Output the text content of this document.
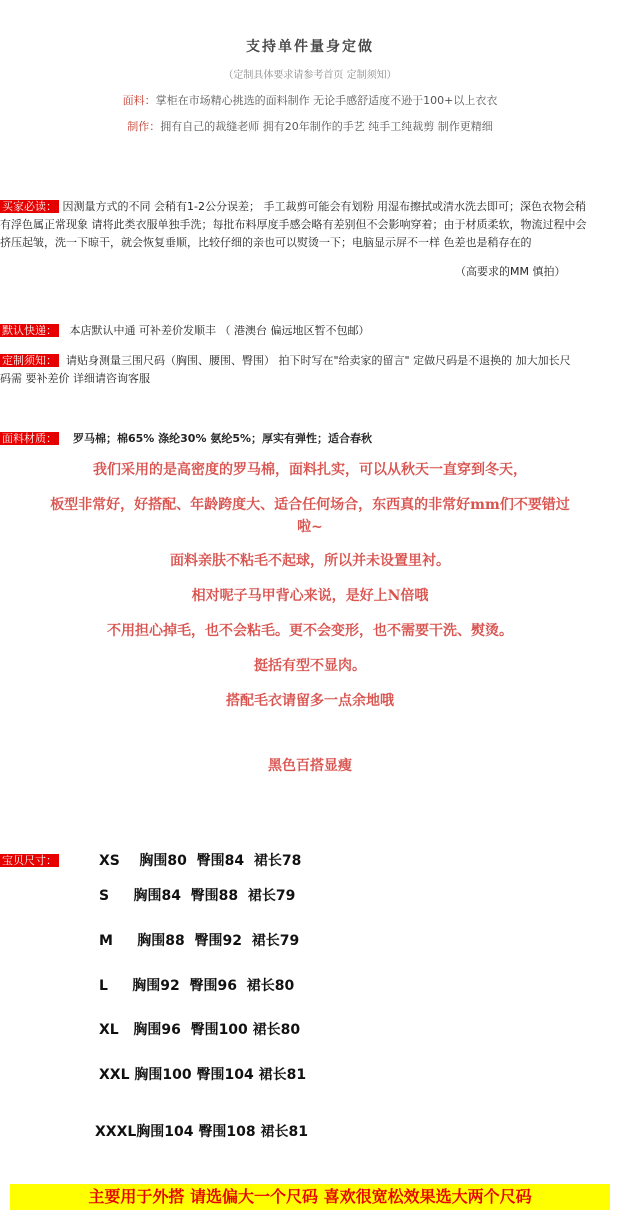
支持单件量身定做
（定制具体要求请参考首页 定制须知）
面料：掌柜在市场精心挑选的面料制作 无论手感舒适度不逊于100+以上衣衣
制作：拥有自己的裁缝老师 拥有20年制作的手艺 纯手工纯裁剪 制作更精细
买家必读： 因测量方式的不同 会稍有1-2公分误差； 手工裁剪可能会有划粉 用湿布擦拭或清水洗去即可；深色衣物会稍
有浮色属正常现象 请将此类衣服单独手洗；每批布料厚度手感会略有差别但不会影响穿着；由于材质柔软，物流过程中会
挤压起皱，洗一下晾干，就会恢复垂顺，比较仔细的亲也可以熨烫一下；电脑显示屏不一样 色差也是稍存在的
（高要求的MM 慎拍）
默认快递： 本店默认中通 可补差价发顺丰 （ 港澳台 偏远地区暂不包邮）
定制须知： 请贴身测量三围尺码（胸围、腰围、臀围） 拍下时写在"给卖家的留言" 定做尺码是不退换的 加大加长尺
码需 要补差价 详细请咨询客服
面料材质： 罗马棉；棉65% 涤纶30% 氨纶5%；厚实有弹性；适合春秋
我们采用的是高密度的罗马棉，面料扎实，可以从秋天一直穿到冬天，
板型非常好，好搭配、年龄跨度大、适合任何场合，东西真的非常好mm们不要错过
啦~
面料亲肤不粘毛不起球，所以并未设置里衬。
相对呢子马甲背心来说，是好上N倍哦
不用担心掉毛，也不会粘毛。更不会变形，也不需要干洗、熨烫。
挺括有型不显肉。
搭配毛衣请留多一点余地哦
黑色百搭显瘦
宝贝尺寸：	XS    胸围80  臀围84  裙长78
S     胸围84  臀围88  裙长79
M     胸围88  臀围92  裙长79
L     胸围92  臀围96  裙长80
XL   胸围96  臀围100 裙长80
XXL 胸围100 臀围104 裙长81
XXXL胸围104 臀围108 裙长81
主要用于外搭 请选偏大一个尺码 喜欢很宽松效果选大两个尺码
